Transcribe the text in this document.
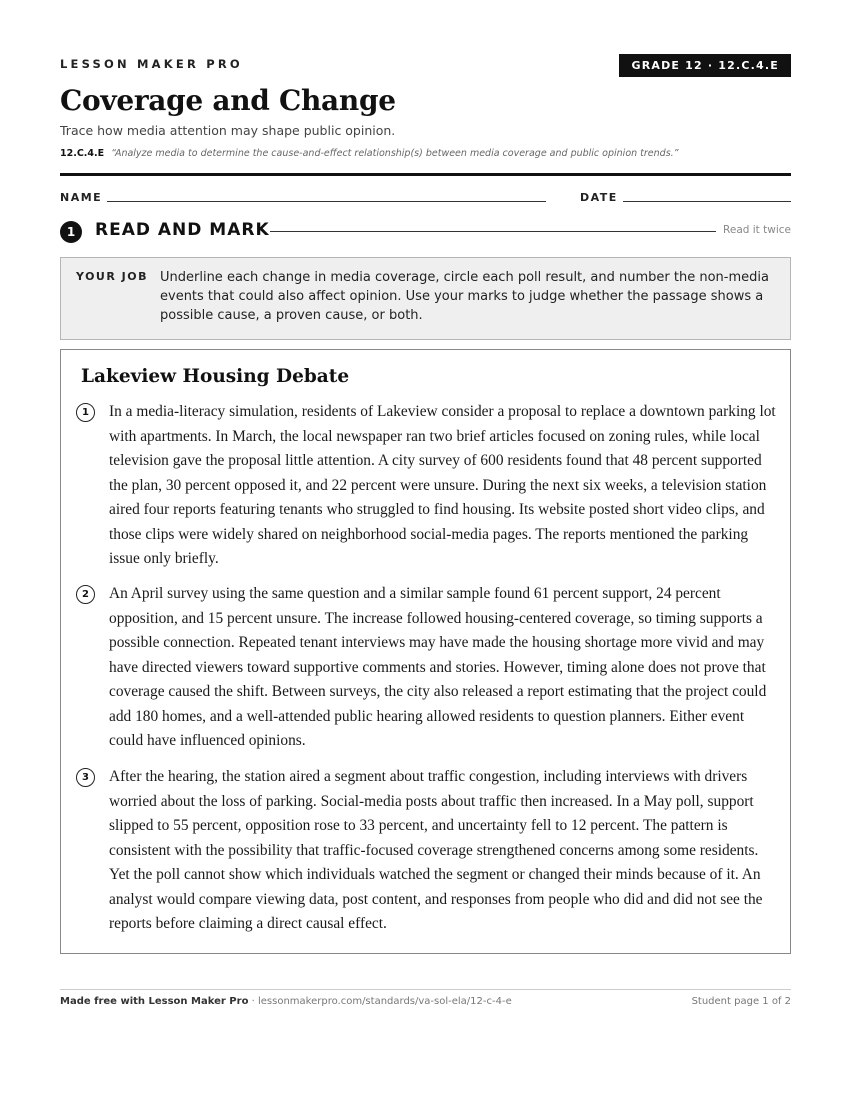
LESSON MAKER PRO	GRADE 12 · 12.C.4.E
Coverage and Change
Trace how media attention may shape public opinion.
12.C.4.E “Analyze media to determine the cause-and-effect relationship(s) between media coverage and public opinion trends.”
NAME	DATE
1	READ AND MARK	Read it twice
YOUR JOB Underline each change in media coverage, circle each poll result, and number the non-media events that could also affect opinion. Use your marks to judge whether the passage shows a possible cause, a proven cause, or both.
Lakeview Housing Debate
1	In a media-literacy simulation, residents of Lakeview consider a proposal to replace a downtown parking lot with apartments. In March, the local newspaper ran two brief articles focused on zoning rules, while local television gave the proposal little attention. A city survey of 600 residents found that 48 percent supported the plan, 30 percent opposed it, and 22 percent were unsure. During the next six weeks, a television station aired four reports featuring tenants who struggled to find housing. Its website posted short video clips, and those clips were widely shared on neighborhood social-media pages. The reports mentioned the parking issue only briefly.
2	An April survey using the same question and a similar sample found 61 percent support, 24 percent opposition, and 15 percent unsure. The increase followed housing-centered coverage, so timing supports a possible connection. Repeated tenant interviews may have made the housing shortage more vivid and may have directed viewers toward supportive comments and stories. However, timing alone does not prove that coverage caused the shift. Between surveys, the city also released a report estimating that the project could add 180 homes, and a well-attended public hearing allowed residents to question planners. Either event could have influenced opinions.
3	After the hearing, the station aired a segment about traffic congestion, including interviews with drivers worried about the loss of parking. Social-media posts about traffic then increased. In a May poll, support slipped to 55 percent, opposition rose to 33 percent, and uncertainty fell to 12 percent. The pattern is consistent with the possibility that traffic-focused coverage strengthened concerns among some residents. Yet the poll cannot show which individuals watched the segment or changed their minds because of it. An analyst would compare viewing data, post content, and responses from people who did and did not see the reports before claiming a direct causal effect.
Made free with Lesson Maker Pro · lessonmakerpro.com/standards/va-sol-ela/12-c-4-e	Student page 1 of 2
